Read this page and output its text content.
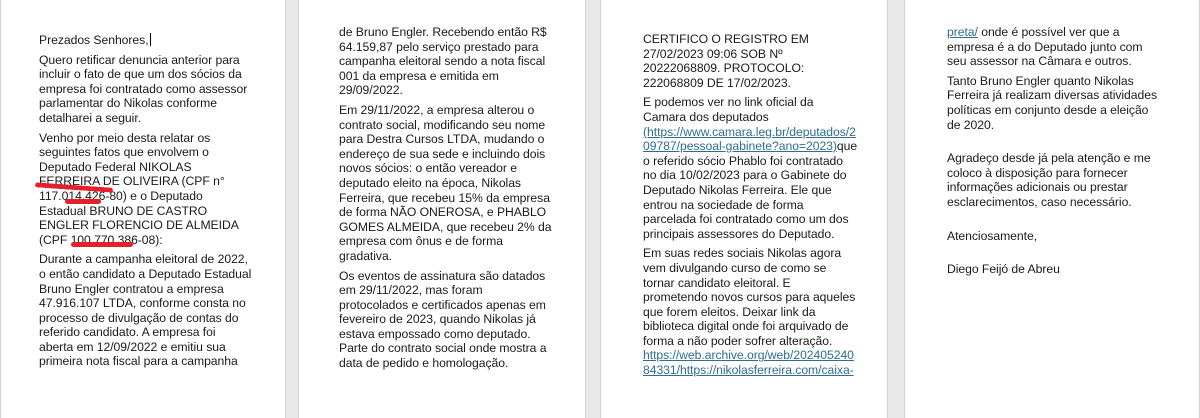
Prezados Senhores,

Quero retificar denuncia anterior para
incluir o fato de que um dos sócios da
empresa foi contratado como assessor
parlamentar do Nikolas conforme
detalharei a seguir.

Venho por meio desta relatar os
seguintes fatos que envolvem o
Deputado Federal NIKOLAS
FERREIRA DE OLIVEIRA (CPF n°
117.014.426-80) e o Deputado
Estadual BRUNO DE CASTRO
ENGLER FLORENCIO DE ALMEIDA
(CPF 100.770.386-08):

Durante a campanha eleitoral de 2022,
o então candidato a Deputado Estadual
Bruno Engler contratou a empresa
47.916.107 LTDA, conforme consta no
processo de divulgação de contas do
referido candidato. A empresa foi
aberta em 12/09/2022 e emitiu sua
primeira nota fiscal para a campanha

de Bruno Engler. Recebendo então R$
64.159,87 pelo serviço prestado para
campanha eleitoral sendo a nota fiscal
001 da empresa e emitida em
29/09/2022.

Em 29/11/2022, a empresa alterou o
contrato social, modificando seu nome
para Destra Cursos LTDA, mudando o
endereço de sua sede e incluindo dois
novos sócios: o então vereador e
deputado eleito na época, Nikolas
Ferreira, que recebeu 15% da empresa
de forma NÃO ONEROSA, e PHABLO
GOMES ALMEIDA, que recebeu 2% da
empresa com ônus e de forma
gradativa.

Os eventos de assinatura são datados
em 29/11/2022, mas foram
protocolados e certificados apenas em
fevereiro de 2023, quando Nikolas já
estava empossado como deputado.
Parte do contrato social onde mostra a
data de pedido e homologação.

CERTIFICO O REGISTRO EM
27/02/2023 09:06 SOB Nº
20222068809. PROTOCOLO:
222068809 DE 17/02/2023.

E podemos ver no link oficial da
Camara dos deputados
(https://www.camara.leg.br/deputados/2
09787/pessoal-gabinete?ano=2023)que
o referido sócio Phablo foi contratado
no dia 10/02/2023 para o Gabinete do
Deputado Nikolas Ferreira. Ele que
entrou na sociedade de forma
parcelada foi contratado como um dos
principais assessores do Deputado.

Em suas redes sociais Nikolas agora
vem divulgando curso de como se
tornar candidato eleitoral. E
prometendo novos cursos para aqueles
que forem eleitos. Deixar link da
biblioteca digital onde foi arquivado de
forma a não poder sofrer alteração.
https://web.archive.org/web/202405240
84331/https://nikolasferreira.com/caixa-

preta/ onde é possível ver que a
empresa é a do Deputado junto com
seu assessor na Câmara e outros.

Tanto Bruno Engler quanto Nikolas
Ferreira já realizam diversas atividades
políticas em conjunto desde a eleição
de 2020.

Agradeço desde já pela atenção e me
coloco à disposição para fornecer
informações adicionais ou prestar
esclarecimentos, caso necessário.

Atenciosamente,

Diego Feijó de Abreu
